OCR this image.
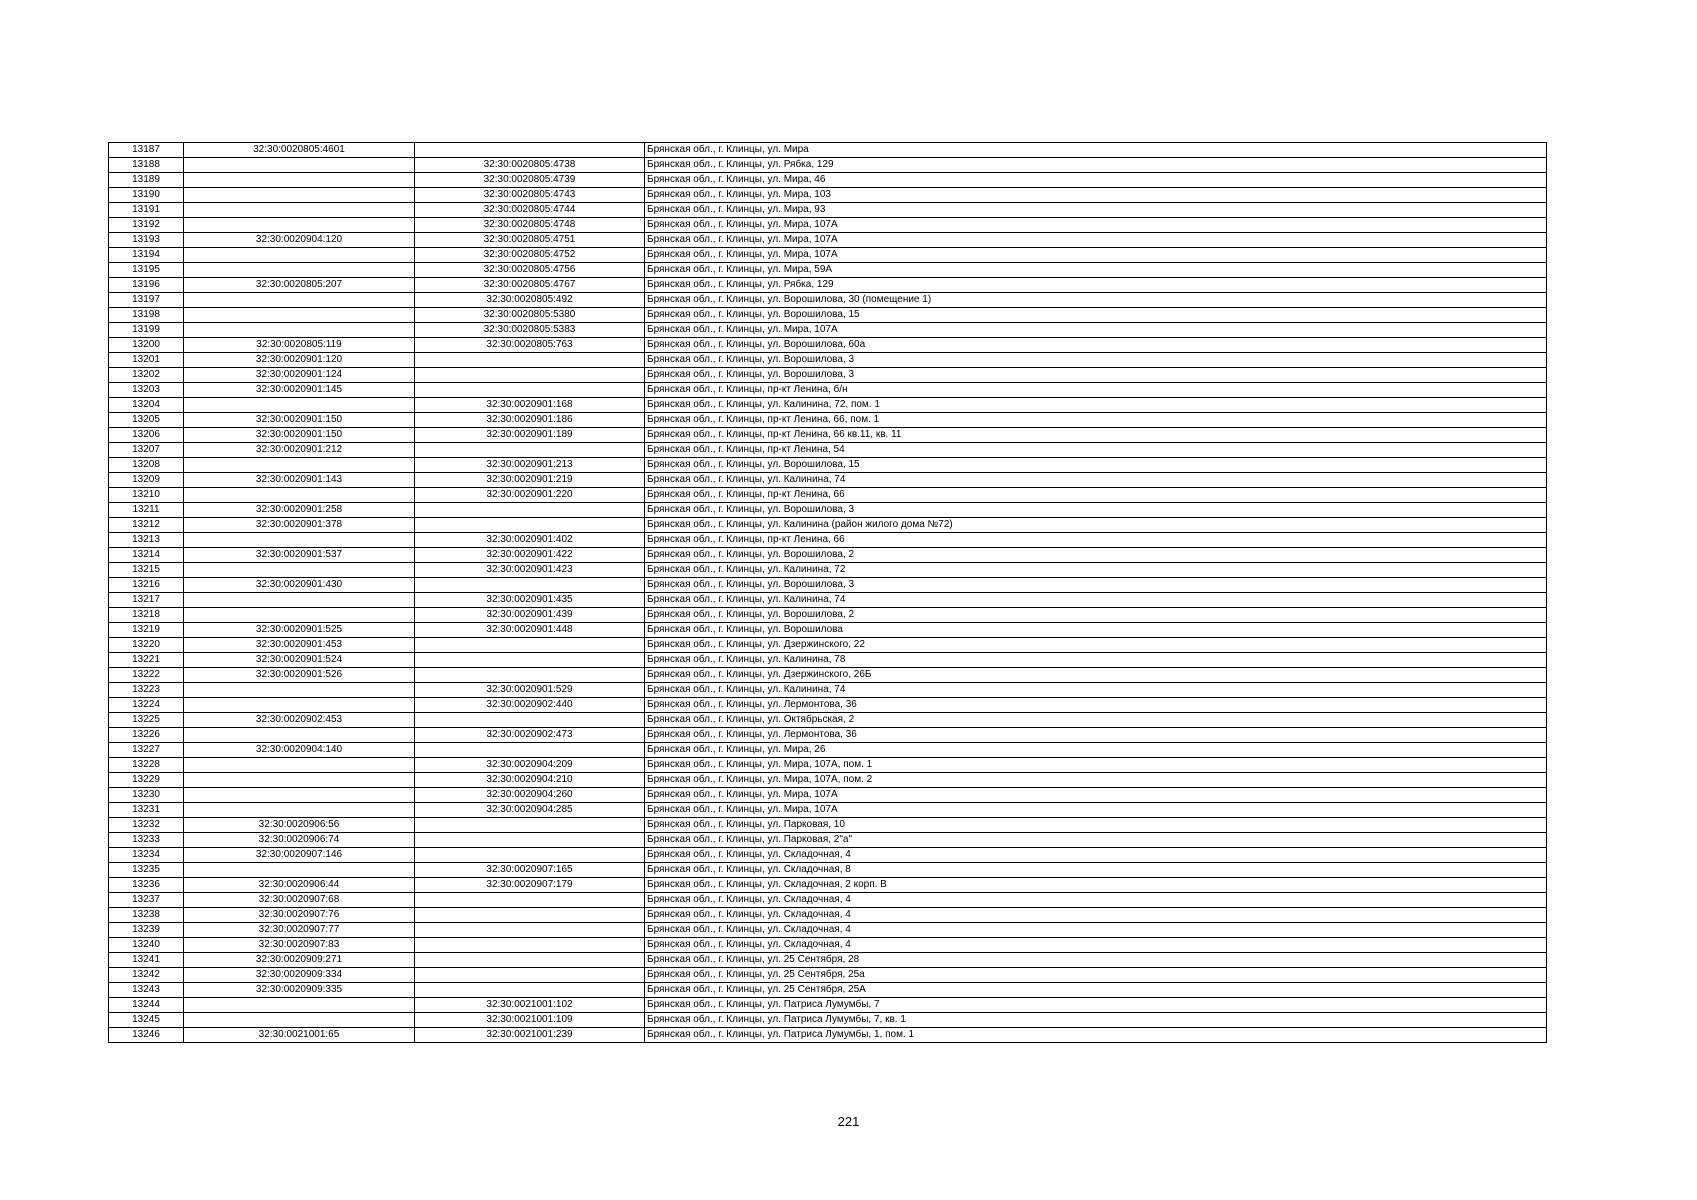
13187	32:30:0020805:4601		Брянская обл., г. Клинцы, ул. Мира
13188		32:30:0020805:4738	Брянская обл., г. Клинцы, ул. Рябка, 129
13189		32:30:0020805:4739	Брянская обл., г. Клинцы, ул. Мира, 46
13190		32:30:0020805:4743	Брянская обл., г. Клинцы, ул. Мира, 103
13191		32:30:0020805:4744	Брянская обл., г. Клинцы, ул. Мира, 93
13192		32:30:0020805:4748	Брянская обл., г. Клинцы, ул. Мира, 107А
13193	32:30:0020904:120	32:30:0020805:4751	Брянская обл., г. Клинцы, ул. Мира, 107А
13194		32:30:0020805:4752	Брянская обл., г. Клинцы, ул. Мира, 107А
13195		32:30:0020805:4756	Брянская обл., г. Клинцы, ул. Мира, 59А
13196	32:30:0020805:207	32:30:0020805:4767	Брянская обл., г. Клинцы, ул. Рябка, 129
13197		32:30:0020805:492	Брянская обл., г. Клинцы, ул. Ворошилова, 30 (помещение 1)
13198		32:30:0020805:5380	Брянская обл., г. Клинцы, ул. Ворошилова, 15
13199		32:30:0020805:5383	Брянская обл., г. Клинцы, ул. Мира, 107А
13200	32:30:0020805:119	32:30:0020805:763	Брянская обл., г. Клинцы, ул. Ворошилова, 60а
13201	32:30:0020901:120		Брянская обл., г. Клинцы, ул. Ворошилова, 3
13202	32:30:0020901:124		Брянская обл., г. Клинцы, ул. Ворошилова, 3
13203	32:30:0020901:145		Брянская обл., г. Клинцы, пр-кт Ленина, б/н
13204		32:30:0020901:168	Брянская обл., г. Клинцы, ул. Калинина, 72, пом. 1
13205	32:30:0020901:150	32:30:0020901:186	Брянская обл., г. Клинцы, пр-кт Ленина, 66, пом. 1
13206	32:30:0020901:150	32:30:0020901:189	Брянская обл., г. Клинцы, пр-кт Ленина, 66 кв.11, кв. 11
13207	32:30:0020901:212		Брянская обл., г. Клинцы, пр-кт Ленина, 54
13208		32:30:0020901:213	Брянская обл., г. Клинцы, ул. Ворошилова, 15
13209	32:30:0020901:143	32:30:0020901:219	Брянская обл., г. Клинцы, ул. Калинина, 74
13210		32:30:0020901:220	Брянская обл., г. Клинцы, пр-кт Ленина, 66
13211	32:30:0020901:258		Брянская обл., г. Клинцы, ул. Ворошилова, 3
13212	32:30:0020901:378		Брянская обл., г. Клинцы, ул. Калинина (район жилого дома №72)
13213		32:30:0020901:402	Брянская обл., г. Клинцы, пр-кт Ленина, 66
13214	32:30:0020901:537	32:30:0020901:422	Брянская обл., г. Клинцы, ул. Ворошилова, 2
13215		32:30:0020901:423	Брянская обл., г. Клинцы, ул. Калинина, 72
13216	32:30:0020901:430		Брянская обл., г. Клинцы, ул. Ворошилова, 3
13217		32:30:0020901:435	Брянская обл., г. Клинцы, ул. Калинина, 74
13218		32:30:0020901:439	Брянская обл., г. Клинцы, ул. Ворошилова, 2
13219	32:30:0020901:525	32:30:0020901:448	Брянская обл., г. Клинцы, ул. Ворошилова
13220	32:30:0020901:453		Брянская обл., г. Клинцы, ул. Дзержинского, 22
13221	32:30:0020901:524		Брянская обл., г. Клинцы, ул. Калинина, 78
13222	32:30:0020901:526		Брянская обл., г. Клинцы, ул. Дзержинского, 26Б
13223		32:30:0020901:529	Брянская обл., г. Клинцы, ул. Калинина, 74
13224		32:30:0020902:440	Брянская обл., г. Клинцы, ул. Лермонтова, 36
13225	32:30:0020902:453		Брянская обл., г. Клинцы, ул. Октябрьская, 2
13226		32:30:0020902:473	Брянская обл., г. Клинцы, ул. Лермонтова, 36
13227	32:30:0020904:140		Брянская обл., г. Клинцы, ул. Мира, 26
13228		32:30:0020904:209	Брянская обл., г. Клинцы, ул. Мира, 107А, пом. 1
13229		32:30:0020904:210	Брянская обл., г. Клинцы, ул. Мира, 107А, пом. 2
13230		32:30:0020904:260	Брянская обл., г. Клинцы, ул. Мира, 107А
13231		32:30:0020904:285	Брянская обл., г. Клинцы, ул. Мира, 107А
13232	32:30:0020906:56		Брянская обл., г. Клинцы, ул. Парковая, 10
13233	32:30:0020906:74		Брянская обл., г. Клинцы, ул. Парковая, 2"а"
13234	32:30:0020907:146		Брянская обл., г. Клинцы, ул. Складочная, 4
13235		32:30:0020907:165	Брянская обл., г. Клинцы, ул. Складочная, 8
13236	32:30:0020906:44	32:30:0020907:179	Брянская обл., г. Клинцы, ул. Складочная, 2 корп. В
13237	32:30:0020907:68		Брянская обл., г. Клинцы, ул. Складочная, 4
13238	32:30:0020907:76		Брянская обл., г. Клинцы, ул. Складочная, 4
13239	32:30:0020907:77		Брянская обл., г. Клинцы, ул. Складочная, 4
13240	32:30:0020907:83		Брянская обл., г. Клинцы, ул. Складочная, 4
13241	32:30:0020909:271		Брянская обл., г. Клинцы, ул. 25 Сентября, 28
13242	32:30:0020909:334		Брянская обл., г. Клинцы, ул. 25 Сентября, 25а
13243	32:30:0020909:335		Брянская обл., г. Клинцы, ул. 25 Сентября, 25А
13244		32:30:0021001:102	Брянская обл., г. Клинцы, ул. Патриса Лумумбы, 7
13245		32:30:0021001:109	Брянская обл., г. Клинцы, ул. Патриса Лумумбы, 7, кв. 1
13246	32:30:0021001:65	32:30:0021001:239	Брянская обл., г. Клинцы, ул. Патриса Лумумбы, 1, пом. 1
221
